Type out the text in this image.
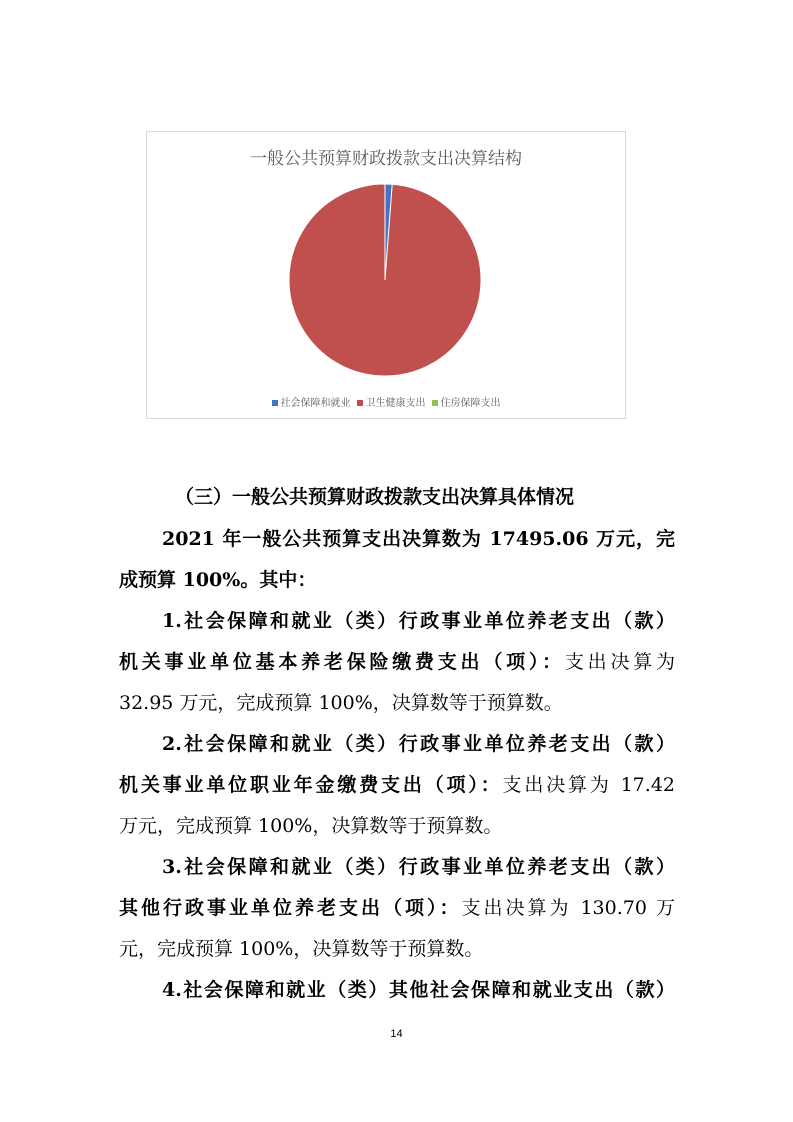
一般公共预算财政拨款支出决算结构
社会保障和就业 卫生健康支出 住房保障支出
（三）一般公共预算财政拨款支出决算具体情况
2021 年一般公共预算支出决算数为 17495.06 万元，完
成预算 100%。其中：
1.社会保障和就业（类）行政事业单位养老支出（款）
机关事业单位基本养老保险缴费支出（项）：支出决算为
32.95 万元，完成预算 100%，决算数等于预算数。
2.社会保障和就业（类）行政事业单位养老支出（款）
机关事业单位职业年金缴费支出（项）：支出决算为 17.42
万元，完成预算 100%，决算数等于预算数。
3.社会保障和就业（类）行政事业单位养老支出（款）
其他行政事业单位养老支出（项）：支出决算为 130.70 万
元，完成预算 100%，决算数等于预算数。
4.社会保障和就业（类）其他社会保障和就业支出（款）
14
